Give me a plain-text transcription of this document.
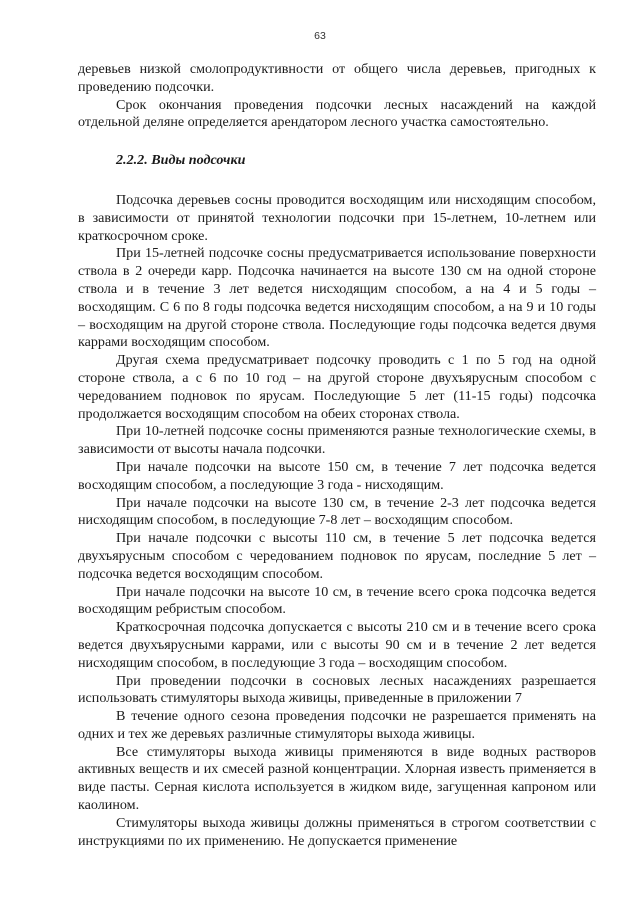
63

деревьев низкой смолопродуктивности от общего числа деревьев, пригодных к проведению подсочки.

Срок окончания проведения подсочки лесных насаждений на каждой отдельной деляне определяется арендатором лесного участка самостоятельно.

2.2.2. Виды подсочки

Подсочка деревьев сосны проводится восходящим или нисходящим способом, в зависимости от принятой технологии подсочки при 15-летнем, 10-летнем или краткосрочном сроке.

При 15-летней подсочке сосны предусматривается использование поверхности ствола в 2 очереди карр. Подсочка начинается на высоте 130 см на одной стороне ствола и в течение 3 лет ведется нисходящим способом, а на 4 и 5 годы – восходящим. С 6 по 8 годы подсочка ведется нисходящим способом, а на 9 и 10 годы – восходящим на другой стороне ствола. Последующие годы подсочка ведется двумя каррами восходящим способом.

Другая схема предусматривает подсочку проводить с 1 по 5 год на одной стороне ствола, а с 6 по 10 год – на другой стороне двухъярусным способом с чередованием подновок по ярусам. Последующие 5 лет (11-15 годы) подсочка продолжается восходящим способом на обеих сторонах ствола.

При 10-летней подсочке сосны применяются разные технологические схемы, в зависимости от высоты начала подсочки.

При начале подсочки на высоте 150 см, в течение 7 лет подсочка ведется восходящим способом, а последующие 3 года - нисходящим.

При начале подсочки на высоте 130 см, в течение 2-3 лет подсочка ведется нисходящим способом, в последующие 7-8 лет – восходящим способом.

При начале подсочки с высоты 110 см, в течение 5 лет подсочка ведется двухъярусным способом с чередованием подновок по ярусам, последние 5 лет – подсочка ведется восходящим способом.

При начале подсочки на высоте 10 см, в течение всего срока подсочка ведется восходящим ребристым способом.

Краткосрочная подсочка допускается с высоты 210 см и в течение всего срока ведется двухъярусными каррами, или с высоты 90 см и в течение 2 лет ведется нисходящим способом, в последующие 3 года – восходящим способом.

При проведении подсочки в сосновых лесных насаждениях разрешается использовать стимуляторы выхода живицы, приведенные в приложении 7

В течение одного сезона проведения подсочки не разрешается применять на одних и тех же деревьях различные стимуляторы выхода живицы.

Все стимуляторы выхода живицы применяются в виде водных растворов активных веществ и их смесей разной концентрации. Хлорная известь применяется в виде пасты. Серная кислота используется в жидком виде, загущенная капроном или каолином.

Стимуляторы выхода живицы должны применяться в строгом соответствии с инструкциями по их применению. Не допускается применение
